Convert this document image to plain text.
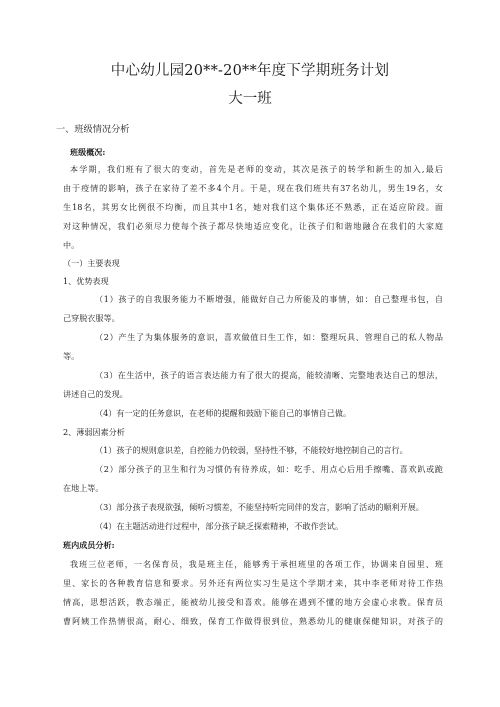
中心幼儿园20**-20**年度下学期班务计划
大一班
一、班级情况分析
班级概况:
本学期，我们班有了很大的变动，首先是老师的变动，其次是孩子的转学和新生的加入,最后
由于疫情的影响，孩子在家待了差不多4个月。于是，现在我们班共有37名幼儿，男生19名，女
生18名，其男女比例很不均衡，而且其中1名，她对我们这个集体还不熟悉，正在适应阶段。面
对这种情况，我们必须尽力使每个孩子都尽快地适应变化，让孩子们和谐地融合在我们的大家庭
中。
（一）主要表现
1、优势表现
（1）孩子的自我服务能力不断增强，能做好自己力所能及的事情，如：自己整理书包，自
己穿脱衣服等。
（2）产生了为集体服务的意识，喜欢做值日生工作，如：整理玩具、管理自己的私人物品
等。
（3）在生活中，孩子的语言表达能力有了很大的提高，能较清晰、完整地表达自己的想法，
讲述自己的发现。
（4）有一定的任务意识，在老师的提醒和鼓励下能自己的事情自己做。
2、薄弱因素分析
（1）孩子的规则意识差，自控能力仍较弱，坚持性不够，不能较好地控制自己的言行。
（2）部分孩子的卫生和行为习惯仍有待养成，如：吃手、用点心后用手擦嘴、喜欢趴或跪
在地上等。
（3）部分孩子表现欲强，倾听习惯差，不能坚持听完同伴的发言，影响了活动的顺利开展。
（4）在主题活动进行过程中，部分孩子缺乏探索精神，不敢作尝试。
班内成员分析:
我班三位老师，一名保育员，我是班主任，能够秀于承担班里的各项工作，协调来自园里、班
里、家长的各种教育信息和要求。另外还有两位实习生是这个学期才来，其中李老师对待工作热
情高，思想活跃，教态端正，能被幼儿接受和喜欢。能够在遇到不懂的地方会虚心求教。保育员
曹阿姨工作热情很高，耐心、细致，保育工作做得很到位，熟悉幼儿的健康保健知识，对孩子的
